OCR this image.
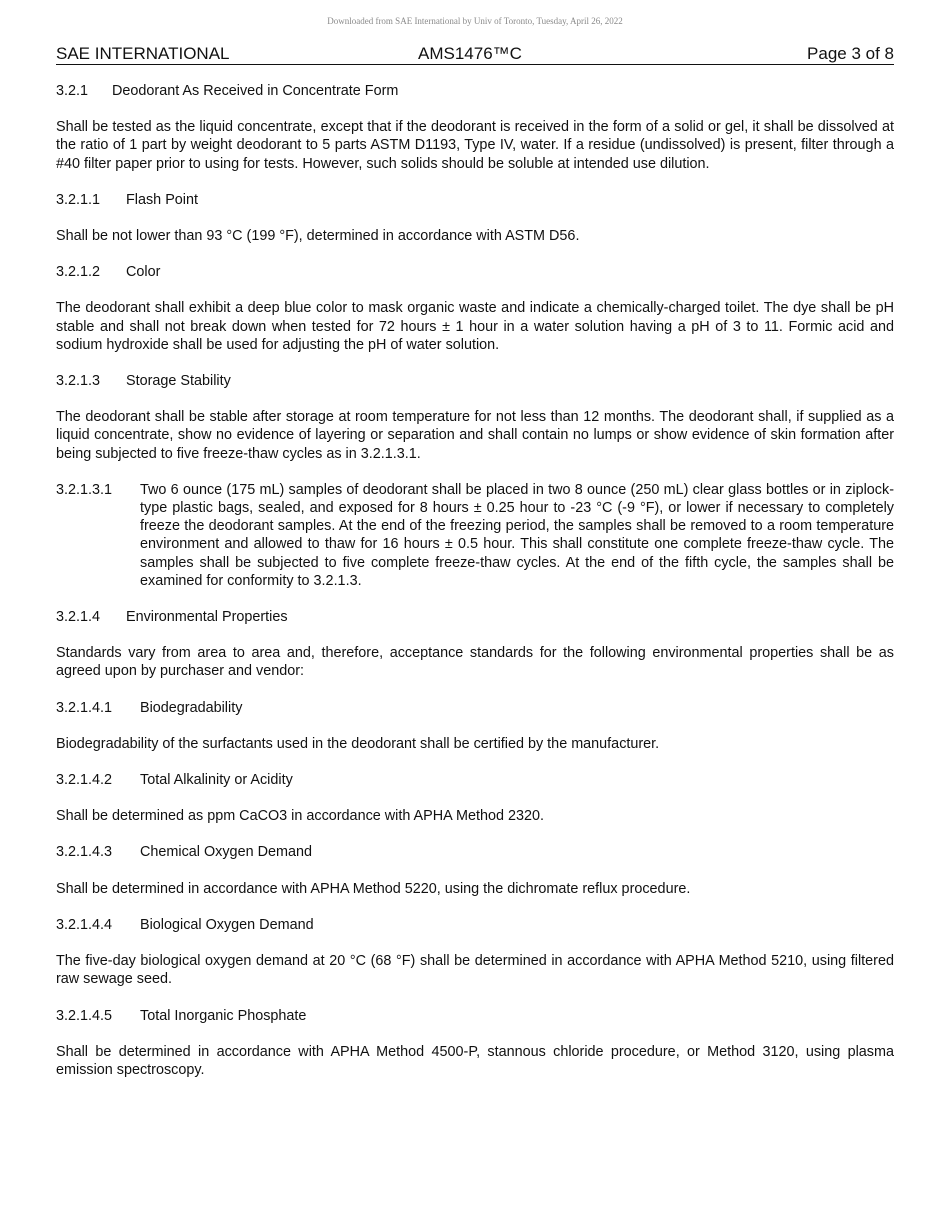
Downloaded from SAE International by Univ of Toronto, Tuesday, April 26, 2022
SAE INTERNATIONAL	AMS1476™C	Page 3 of 8
3.2.1 Deodorant As Received in Concentrate Form

Shall be tested as the liquid concentrate, except that if the deodorant is received in the form of a solid or gel, it shall be dissolved at the ratio of 1 part by weight deodorant to 5 parts ASTM D1193, Type IV, water. If a residue (undissolved) is present, filter through a #40 filter paper prior to using for tests. However, such solids should be soluble at intended use dilution.

3.2.1.1 Flash Point

Shall be not lower than 93 °C (199 °F), determined in accordance with ASTM D56.

3.2.1.2 Color

The deodorant shall exhibit a deep blue color to mask organic waste and indicate a chemically-charged toilet. The dye shall be pH stable and shall not break down when tested for 72 hours ± 1 hour in a water solution having a pH of 3 to 11. Formic acid and sodium hydroxide shall be used for adjusting the pH of water solution.

3.2.1.3 Storage Stability

The deodorant shall be stable after storage at room temperature for not less than 12 months. The deodorant shall, if supplied as a liquid concentrate, show no evidence of layering or separation and shall contain no lumps or show evidence of skin formation after being subjected to five freeze-thaw cycles as in 3.2.1.3.1.

3.2.1.3.1	Two 6 ounce (175 mL) samples of deodorant shall be placed in two 8 ounce (250 mL) clear glass bottles or in ziplock-type plastic bags, sealed, and exposed for 8 hours ± 0.25 hour to -23 °C (-9 °F), or lower if necessary to completely freeze the deodorant samples. At the end of the freezing period, the samples shall be removed to a room temperature environment and allowed to thaw for 16 hours ± 0.5 hour. This shall constitute one complete freeze-thaw cycle. The samples shall be subjected to five complete freeze-thaw cycles. At the end of the fifth cycle, the samples shall be examined for conformity to 3.2.1.3.
3.2.1.4 Environmental Properties

Standards vary from area to area and, therefore, acceptance standards for the following environmental properties shall be as agreed upon by purchaser and vendor:

3.2.1.4.1 Biodegradability

Biodegradability of the surfactants used in the deodorant shall be certified by the manufacturer.

3.2.1.4.2 Total Alkalinity or Acidity

Shall be determined as ppm CaCO3 in accordance with APHA Method 2320.

3.2.1.4.3 Chemical Oxygen Demand

Shall be determined in accordance with APHA Method 5220, using the dichromate reflux procedure.

3.2.1.4.4 Biological Oxygen Demand

The five-day biological oxygen demand at 20 °C (68 °F) shall be determined in accordance with APHA Method 5210, using filtered raw sewage seed.

3.2.1.4.5 Total Inorganic Phosphate

Shall be determined in accordance with APHA Method 4500-P, stannous chloride procedure, or Method 3120, using plasma emission spectroscopy.
